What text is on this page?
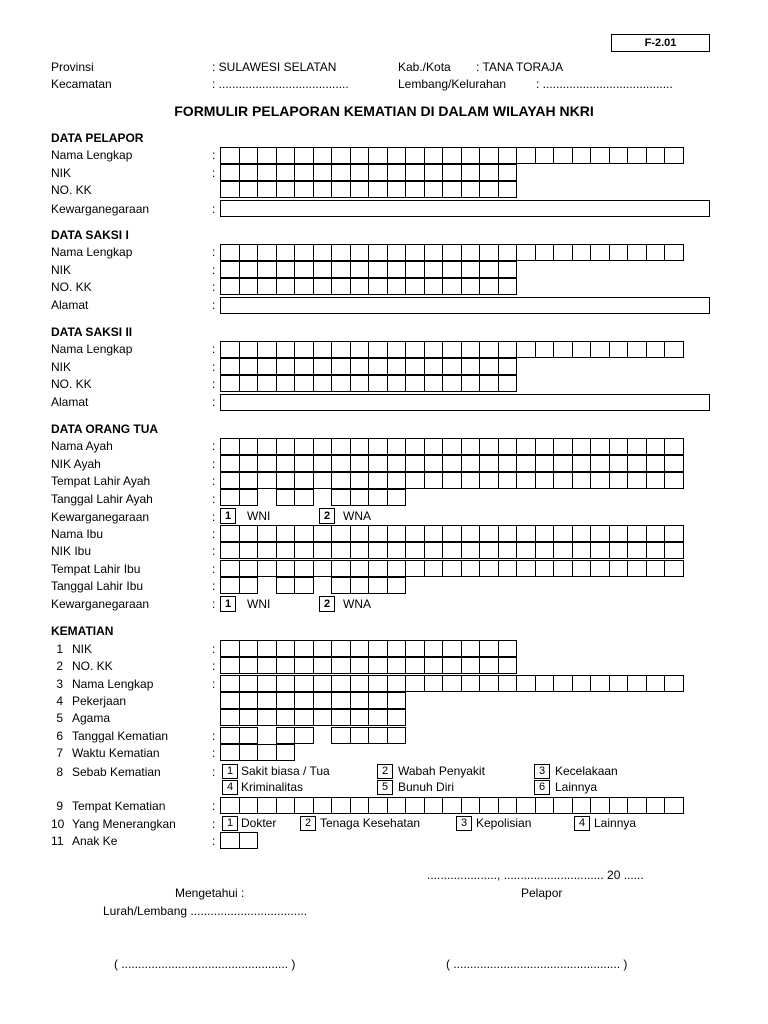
F-2.01
Provinsi	: SULAWESI SELATAN	Kab./Kota : TANA TORAJA
Kecamatan	: .......................................	Lembang/Kelurahan : .......................................
FORMULIR PELAPORAN KEMATIAN DI DALAM WILAYAH NKRI
DATA PELAPOR
Nama Lengkap	:
NIK	:
NO. KK
Kewarganegaraan	:
DATA SAKSI I
Nama Lengkap	:
NIK	:
NO. KK	:
Alamat	:
DATA SAKSI II
Nama Lengkap	:
NIK	:
NO. KK	:
Alamat	:
DATA ORANG TUA
Nama Ayah	:
NIK Ayah	:
Tempat Lahir Ayah	:
Tanggal Lahir Ayah	:
Kewarganegaraan	: 1	WNI	2	WNA
Nama Ibu	:
NIK Ibu	:
Tempat Lahir Ibu	:
Tanggal Lahir Ibu	:
Kewarganegaraan	: 1	WNI	2	WNA
KEMATIAN
1 NIK	:
2 NO. KK	:
3 Nama Lengkap	:
4 Pekerjaan
5 Agama
6 Tanggal Kematian	:
7 Waktu Kematian	:
8 Sebab Kematian	:	1 Sakit biasa / Tua	2 Wabah Penyakit	3 Kecelakaan
4 Kriminalitas	5 Bunuh Diri	6 Lainnya
9 Tempat Kematian	:
10 Yang Menerangkan	:	1 Dokter	2 Tenaga Kesehatan	3 Kepolisian	4 Lainnya
11 Anak Ke	:
....................., .............................. 20 ......
Mengetahui :	Pelapor
Lurah/Lembang ...................................
( .................................................. )	( .................................................. )
